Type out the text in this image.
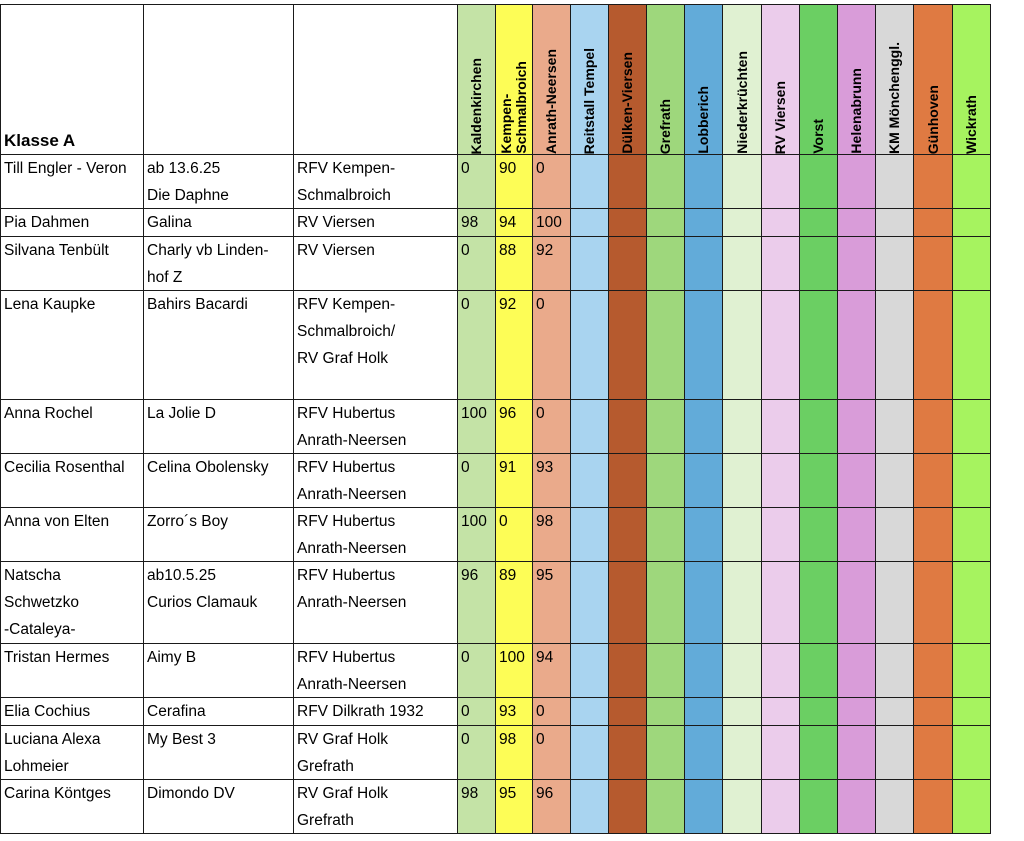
Klasse A			Kaldenkirchen	Kempen-
Schmalbroich	Anrath-Neersen	Reitstall Tempel	Dülken-Viersen	Grefrath	Lobberich	Niederkrüchten	RV Viersen	Vorst	Helenabrunn	KM Mönchenggl.	Günhoven	Wickrath

Till Engler - Veron	ab 13.6.25
Die Daphne	RFV Kempen-
Schmalbroich	0	90	0											

Pia Dahmen	Galina	RV Viersen	98	94	100											

Silvana Tenbült	Charly vb Linden-
hof Z	RV Viersen	0	88	92											

Lena Kaupke	Bahirs Bacardi	RFV Kempen-
Schmalbroich/
RV Graf Holk	0	92	0											

Anna Rochel	La Jolie D	RFV Hubertus
Anrath-Neersen	100	96	0											

Cecilia Rosenthal	Celina Obolensky	RFV Hubertus
Anrath-Neersen	0	91	93											

Anna von Elten	Zorro´s Boy	RFV Hubertus
Anrath-Neersen	100	0	98											

Natscha
Schwetzko
-Cataleya-	ab10.5.25
Curios Clamauk	RFV Hubertus
Anrath-Neersen	96	89	95											

Tristan Hermes	Aimy B	RFV Hubertus
Anrath-Neersen	0	100	94											

Elia Cochius	Cerafina	RFV Dilkrath 1932	0	93	0											

Luciana Alexa
Lohmeier	My Best 3	RV Graf Holk
Grefrath	0	98	0											

Carina Köntges	Dimondo DV	RV Graf Holk
Grefrath	98	95	96											
